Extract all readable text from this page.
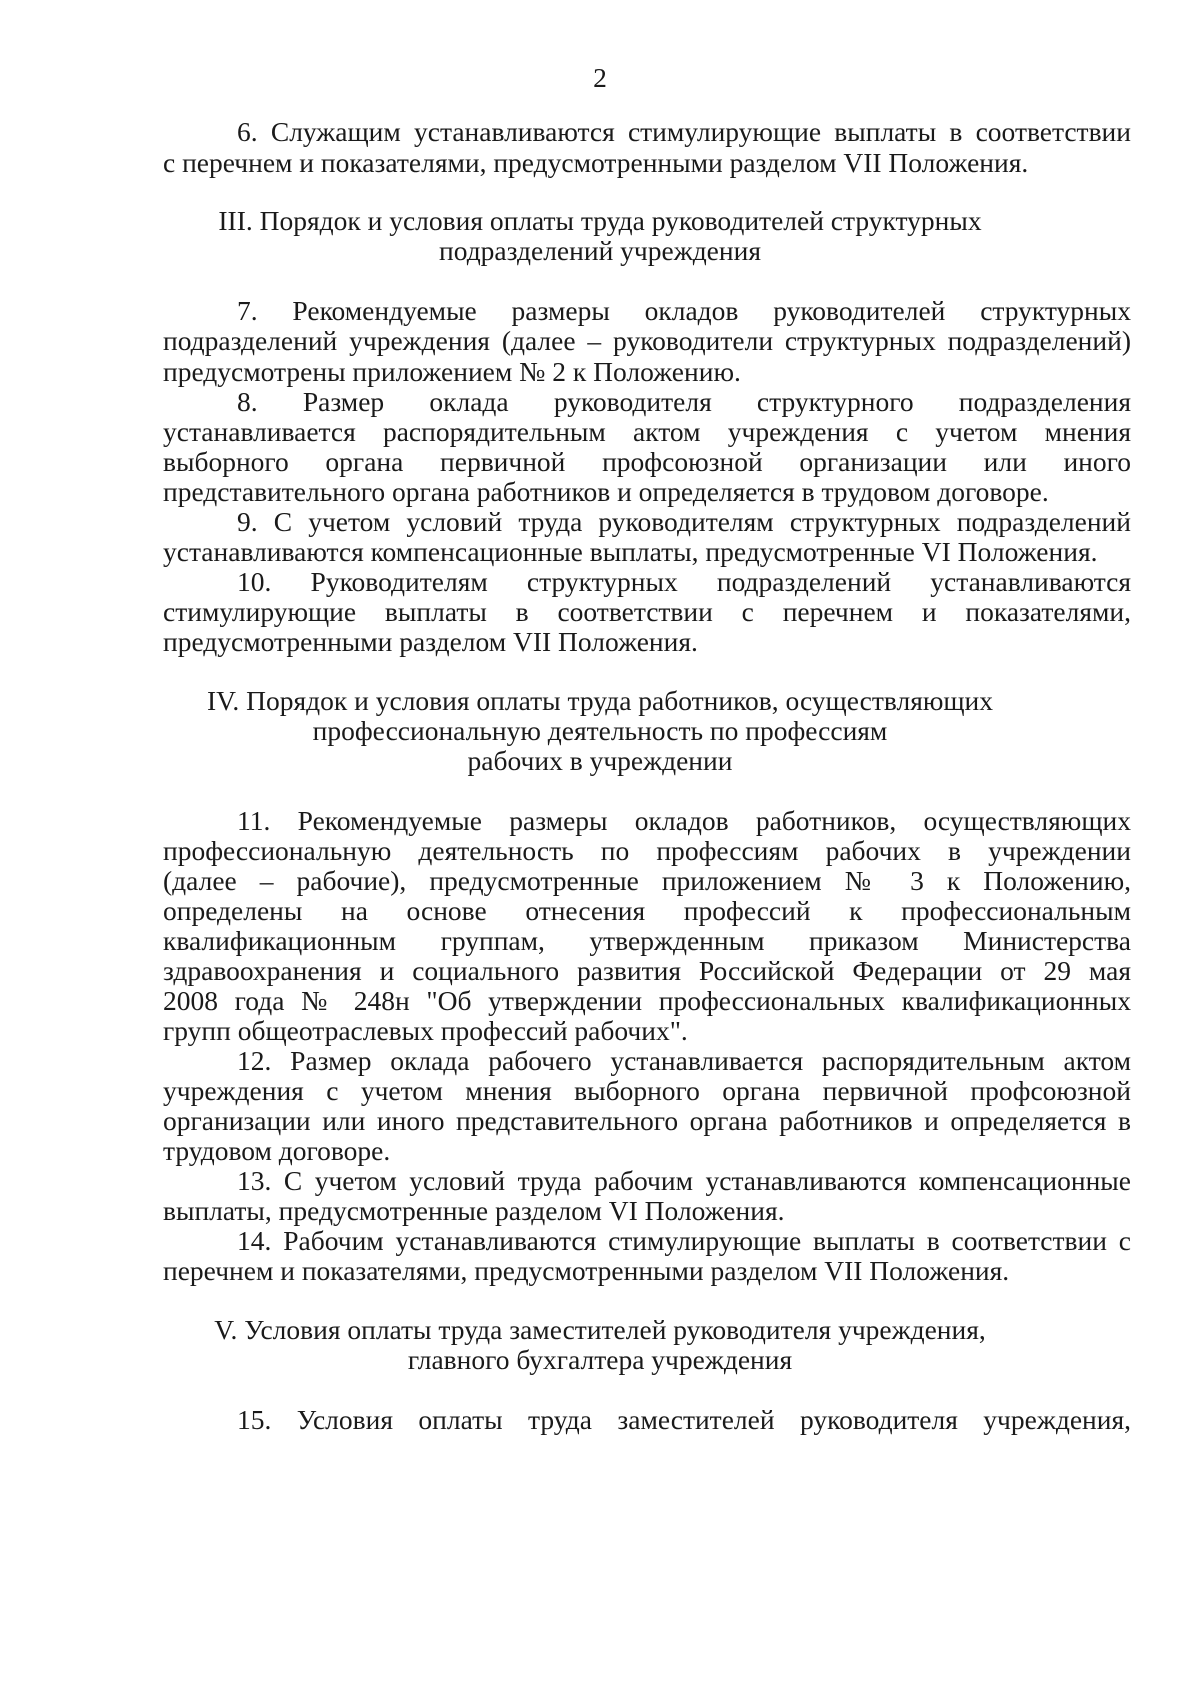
2
6. Служащим устанавливаются стимулирующие выплаты в соответствии
с перечнем и показателями, предусмотренными разделом VII Положения.
III. Порядок и условия оплаты труда руководителей структурных
подразделений учреждения
7. Рекомендуемые размеры окладов руководителей структурных
подразделений учреждения (далее – руководители структурных подразделений)
предусмотрены приложением № 2 к Положению.
8. Размер оклада руководителя структурного подразделения
устанавливается распорядительным актом учреждения с учетом мнения
выборного органа первичной профсоюзной организации или иного
представительного органа работников и определяется в трудовом договоре.
9. С учетом условий труда руководителям структурных подразделений
устанавливаются компенсационные выплаты, предусмотренные VI Положения.
10. Руководителям структурных подразделений устанавливаются
стимулирующие выплаты в соответствии с перечнем и показателями,
предусмотренными разделом VII Положения.
IV. Порядок и условия оплаты труда работников, осуществляющих
профессиональную деятельность по профессиям
рабочих в учреждении
11. Рекомендуемые размеры окладов работников, осуществляющих
профессиональную деятельность по профессиям рабочих в учреждении
(далее – рабочие), предусмотренные приложением № 3 к Положению,
определены на основе отнесения профессий к профессиональным
квалификационным группам, утвержденным приказом Министерства
здравоохранения и социального развития Российской Федерации от 29 мая
2008 года № 248н "Об утверждении профессиональных квалификационных
групп общеотраслевых профессий рабочих".
12. Размер оклада рабочего устанавливается распорядительным актом
учреждения с учетом мнения выборного органа первичной профсоюзной
организации или иного представительного органа работников и определяется в
трудовом договоре.
13. С учетом условий труда рабочим устанавливаются компенсационные
выплаты, предусмотренные разделом VI Положения.
14. Рабочим устанавливаются стимулирующие выплаты в соответствии с
перечнем и показателями, предусмотренными разделом VII Положения.
V. Условия оплаты труда заместителей руководителя учреждения,
главного бухгалтера учреждения
15. Условия оплаты труда заместителей руководителя учреждения,
